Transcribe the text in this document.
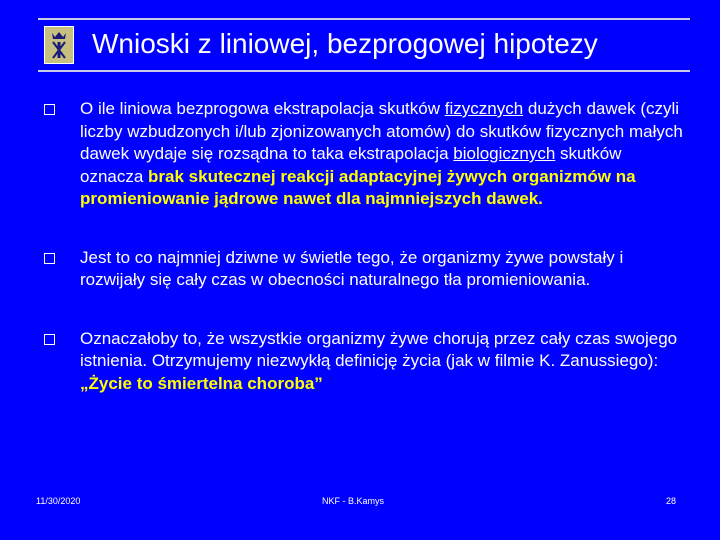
Wnioski z liniowej, bezprogowej hipotezy
O ile liniowa bezprogowa ekstrapolacja skutków fizycznych dużych dawek (czyli liczby wzbudzonych i/lub zjonizowanych atomów) do skutków fizycznych małych dawek wydaje się rozsądna to taka ekstrapolacja biologicznych skutków oznacza brak skutecznej reakcji adaptacyjnej żywych organizmów na promieniowanie jądrowe nawet dla najmniejszych dawek.
Jest to co najmniej dziwne w świetle tego, że organizmy żywe powstały i rozwijały się cały czas w obecności naturalnego tła promieniowania.
Oznaczałoby to, że wszystkie organizmy żywe chorują przez cały czas swojego istnienia. Otrzymujemy niezwykłą definicję życia (jak w filmie K. Zanussiego): „Życie to śmiertelna choroba”
11/30/2020	NKF - B.Kamys	28
